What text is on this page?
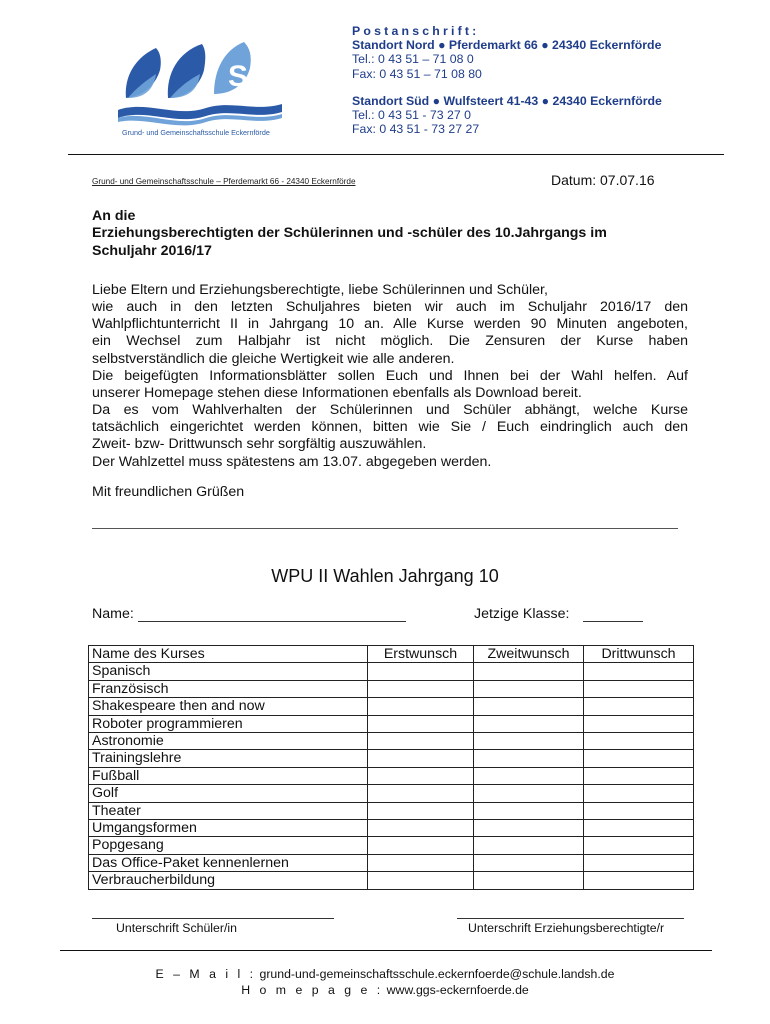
S
Grund- und Gemeinschaftsschule Eckernförde
Postanschrift:
Standort Nord ● Pferdemarkt 66 ● 24340 Eckernförde
Tel.: 0 43 51 – 71 08 0
Fax: 0 43 51 – 71 08 80
Standort Süd ● Wulfsteert 41-43 ● 24340 Eckernförde
Tel.: 0 43 51 - 73 27 0
Fax: 0 43 51 - 73 27 27
Grund- und Gemeinschaftsschule – Pferdemarkt 66 - 24340 Eckernförde	Datum: 07.07.16
An die
Erziehungsberechtigten der Schülerinnen und -schüler des 10.Jahrgangs im
Schuljahr 2016/17

Liebe Eltern und Erziehungsberechtigte, liebe Schülerinnen und Schüler,

wie auch in den letzten Schuljahres bieten wir auch im Schuljahr 2016/17 den

Wahlpflichtunterricht II in Jahrgang 10 an. Alle Kurse werden 90 Minuten angeboten,

ein Wechsel zum Halbjahr ist nicht möglich. Die Zensuren der Kurse haben

selbstverständlich die gleiche Wertigkeit wie alle anderen.

Die beigefügten Informationsblätter sollen Euch und Ihnen bei der Wahl helfen. Auf

unserer Homepage stehen diese Informationen ebenfalls als Download bereit.

Da es vom Wahlverhalten der Schülerinnen und Schüler abhängt, welche Kurse

tatsächlich eingerichtet werden können, bitten wie Sie / Euch eindringlich auch den

Zweit- bzw- Drittwunsch sehr sorgfältig auszuwählen.

Der Wahlzettel muss spätestens am 13.07. abgegeben werden.

Mit freundlichen Grüßen
WPU II Wahlen Jahrgang 10
Name:	Jetzige Klasse:
Name des Kurses	Erstwunsch	Zweitwunsch	Drittwunsch
Spanisch			
Französisch			
Shakespeare then and now			
Roboter programmieren			
Astronomie			
Trainingslehre			
Fußball			
Golf			
Theater			
Umgangsformen			
Popgesang			
Das Office-Paket kennenlernen			
Verbraucherbildung			
Unterschrift Schüler/in	Unterschrift Erziehungsberechtigte/r
E – M a i l : grund-und-gemeinschaftsschule.eckernfoerde@schule.landsh.de
H o m e p a g e : www.ggs-eckernfoerde.de
